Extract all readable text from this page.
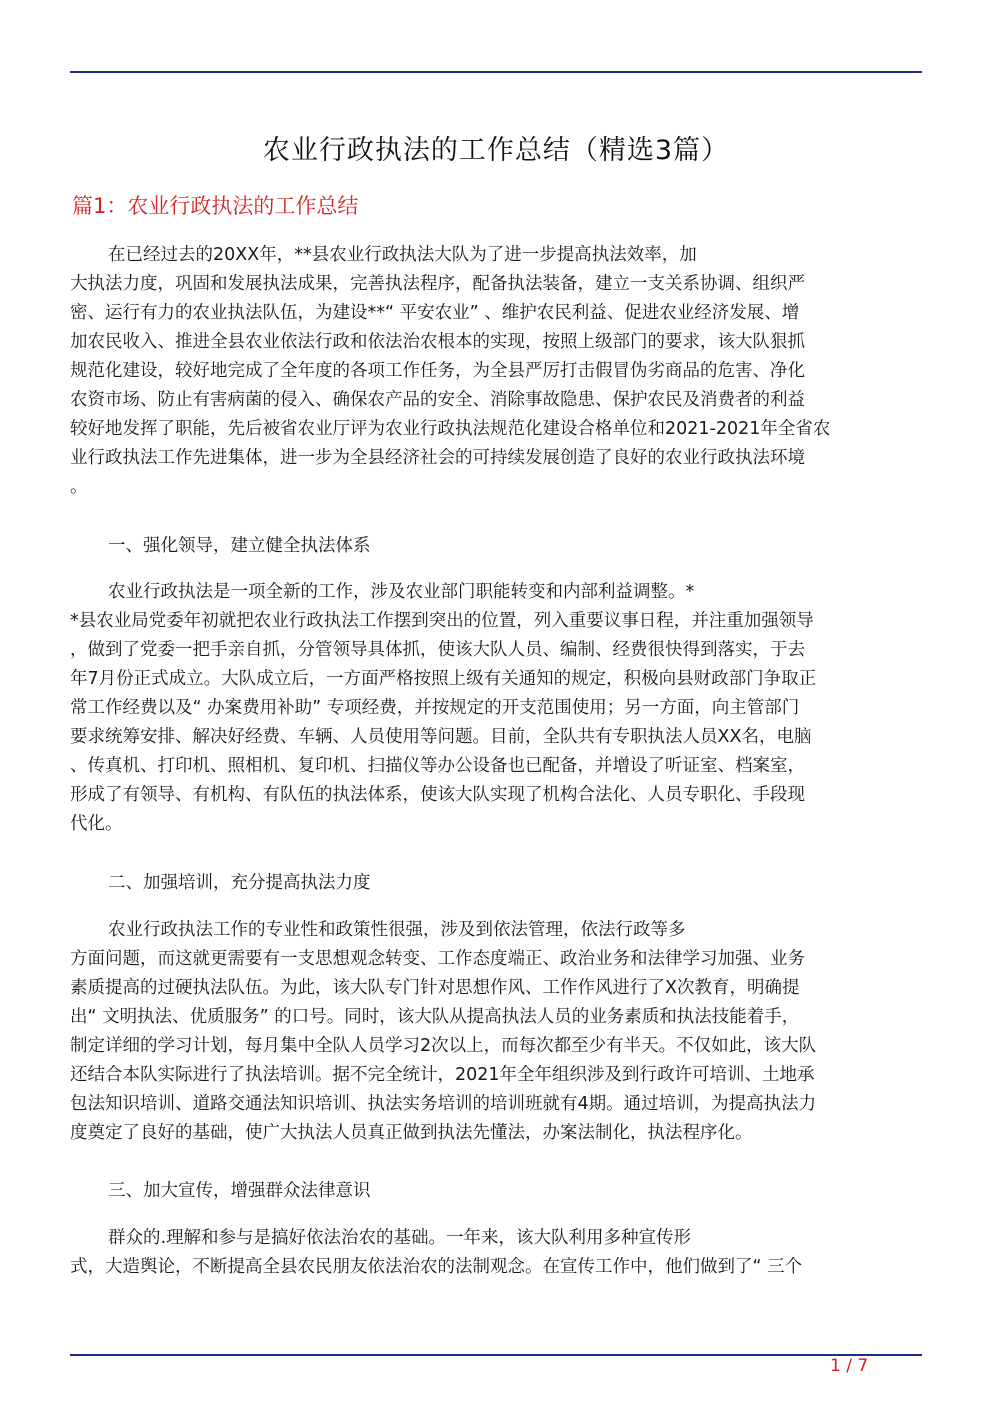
农业行政执法的工作总结（精选3篇）
篇1：农业行政执法的工作总结
在已经过去的20XX年，**县农业行政执法大队为了进一步提高执法效率，加
大执法力度，巩固和发展执法成果，完善执法程序，配备执法装备，建立一支关系协调、组织严
密、运行有力的农业执法队伍，为建设**“ 平安农业” 、维护农民利益、促进农业经济发展、增
加农民收入、推进全县农业依法行政和依法治农根本的实现，按照上级部门的要求，该大队狠抓
规范化建设，较好地完成了全年度的各项工作任务，为全县严厉打击假冒伪劣商品的危害、净化
农资市场、防止有害病菌的侵入、确保农产品的安全、消除事故隐患、保护农民及消费者的利益
较好地发挥了职能，先后被省农业厅评为农业行政执法规范化建设合格单位和2021-2021年全省农
业行政执法工作先进集体，进一步为全县经济社会的可持续发展创造了良好的农业行政执法环境
。
一、强化领导，建立健全执法体系
农业行政执法是一项全新的工作，涉及农业部门职能转变和内部利益调整。*
*县农业局党委年初就把农业行政执法工作摆到突出的位置，列入重要议事日程，并注重加强领导
，做到了党委一把手亲自抓，分管领导具体抓，使该大队人员、编制、经费很快得到落实，于去
年7月份正式成立。大队成立后，一方面严格按照上级有关通知的规定，积极向县财政部门争取正
常工作经费以及“ 办案费用补助” 专项经费，并按规定的开支范围使用；另一方面，向主管部门
要求统筹安排、解决好经费、车辆、人员使用等问题。目前，全队共有专职执法人员XX名，电脑
、传真机、打印机、照相机、复印机、扫描仪等办公设备也已配备，并增设了听证室、档案室，
形成了有领导、有机构、有队伍的执法体系，使该大队实现了机构合法化、人员专职化、手段现
代化。
二、加强培训，充分提高执法力度
农业行政执法工作的专业性和政策性很强，涉及到依法管理，依法行政等多
方面问题，而这就更需要有一支思想观念转变、工作态度端正、政治业务和法律学习加强、业务
素质提高的过硬执法队伍。为此，该大队专门针对思想作风、工作作风进行了X次教育，明确提
出“ 文明执法、优质服务” 的口号。同时，该大队从提高执法人员的业务素质和执法技能着手，
制定详细的学习计划，每月集中全队人员学习2次以上，而每次都至少有半天。不仅如此，该大队
还结合本队实际进行了执法培训。据不完全统计，2021年全年组织涉及到行政许可培训、土地承
包法知识培训、道路交通法知识培训、执法实务培训的培训班就有4期。通过培训，为提高执法力
度奠定了良好的基础，使广大执法人员真正做到执法先懂法，办案法制化，执法程序化。
三、加大宣传，增强群众法律意识
群众的.理解和参与是搞好依法治农的基础。一年来，该大队利用多种宣传形
式，大造舆论，不断提高全县农民朋友依法治农的法制观念。在宣传工作中，他们做到了“ 三个
1 / 7
